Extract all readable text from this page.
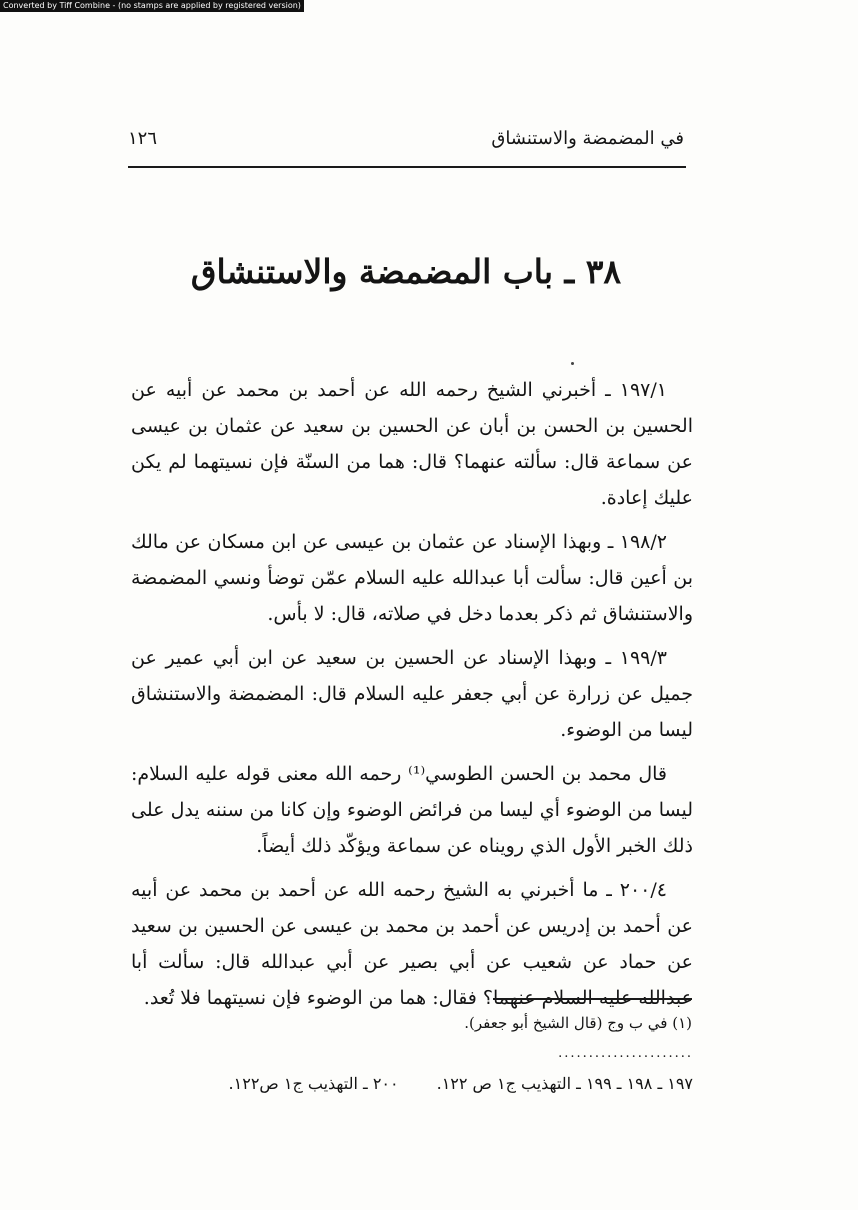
Converted by Tiff Combine - (no stamps are applied by registered version)
في المضمضة والاستنشاق
١٢٦
٣٨ ـ باب المضمضة والاستنشاق

١٩٧/١ ـ أخبرني الشيخ رحمه الله عن أحمد بن محمد عن أبيه عن الحسين بن الحسن بن أبان عن الحسين بن سعيد عن عثمان بن عيسى عن سماعة قال: سألته عنهما؟ قال: هما من السنّة فإن نسيتهما لم يكن عليك إعادة.

١٩٨/٢ ـ وبهذا الإسناد عن عثمان بن عيسى عن ابن مسكان عن مالك بن أعين قال: سألت أبا عبدالله عليه السلام عمّن توضأ ونسي المضمضة والاستنشاق ثم ذكر بعدما دخل في صلاته، قال: لا بأس.

١٩٩/٣ ـ وبهذا الإسناد عن الحسين بن سعيد عن ابن أبي عمير عن جميل عن زرارة عن أبي جعفر عليه السلام قال: المضمضة والاستنشاق ليسا من الوضوء.

قال محمد بن الحسن الطوسي⁽¹⁾ رحمه الله معنى قوله عليه السلام: ليسا من الوضوء أي ليسا من فرائض الوضوء وإن كانا من سننه يدل على ذلك الخبر الأول الذي رويناه عن سماعة ويؤكّد ذلك أيضاً.

٢٠٠/٤ ـ ما أخبرني به الشيخ رحمه الله عن أحمد بن محمد عن أبيه عن أحمد بن إدريس عن أحمد بن محمد بن عيسى عن الحسين بن سعيد عن حماد عن شعيب عن أبي بصير عن أبي عبدالله قال: سألت أبا عبدالله عليه السلام عنهما؟ فقال: هما من الوضوء فإن نسيتهما فلا تُعد.

(١) في ب وج (قال الشيخ أبو جعفر).
......................
١٩٧ ـ ١٩٨ ـ ١٩٩ ـ التهذيب ج١ ص ١٢٢.
٢٠٠ ـ التهذيب ج١ ص١٢٢.
